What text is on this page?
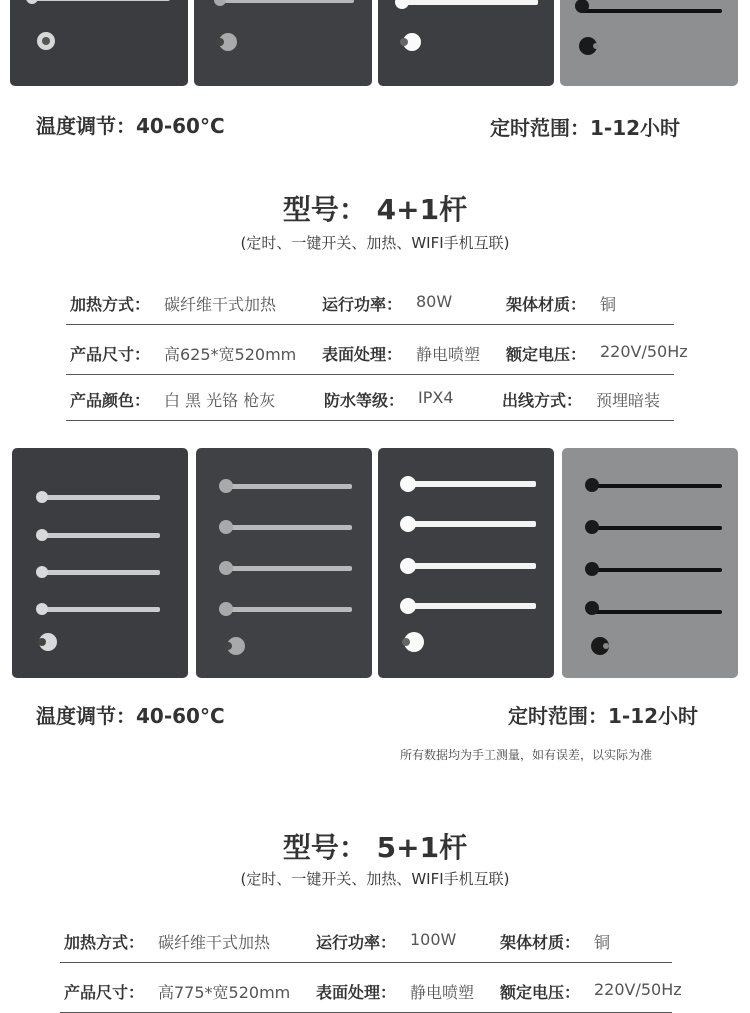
温度调节：40-60°C	定时范围：1-12小时
型号： 4+1杆
(定时、一键开关、加热、WIFI手机互联)
加热方式： 碳纤维干式加热	运行功率： 80W	架体材质： 铜
产品尺寸： 高625*宽520mm 表面处理： 静电喷塑 额定电压： 220V/50Hz
产品颜色： 白 黑 光铬 枪灰	防水等级： IPX4	出线方式： 预埋暗装
温度调节：40-60°C	定时范围：1-12小时
所有数据均为手工测量，如有误差，以实际为准
型号： 5+1杆
(定时、一键开关、加热、WIFI手机互联)
加热方式： 碳纤维干式加热	运行功率： 100W	架体材质： 铜
产品尺寸： 高775*宽520mm 表面处理： 静电喷塑 额定电压： 220V/50Hz
